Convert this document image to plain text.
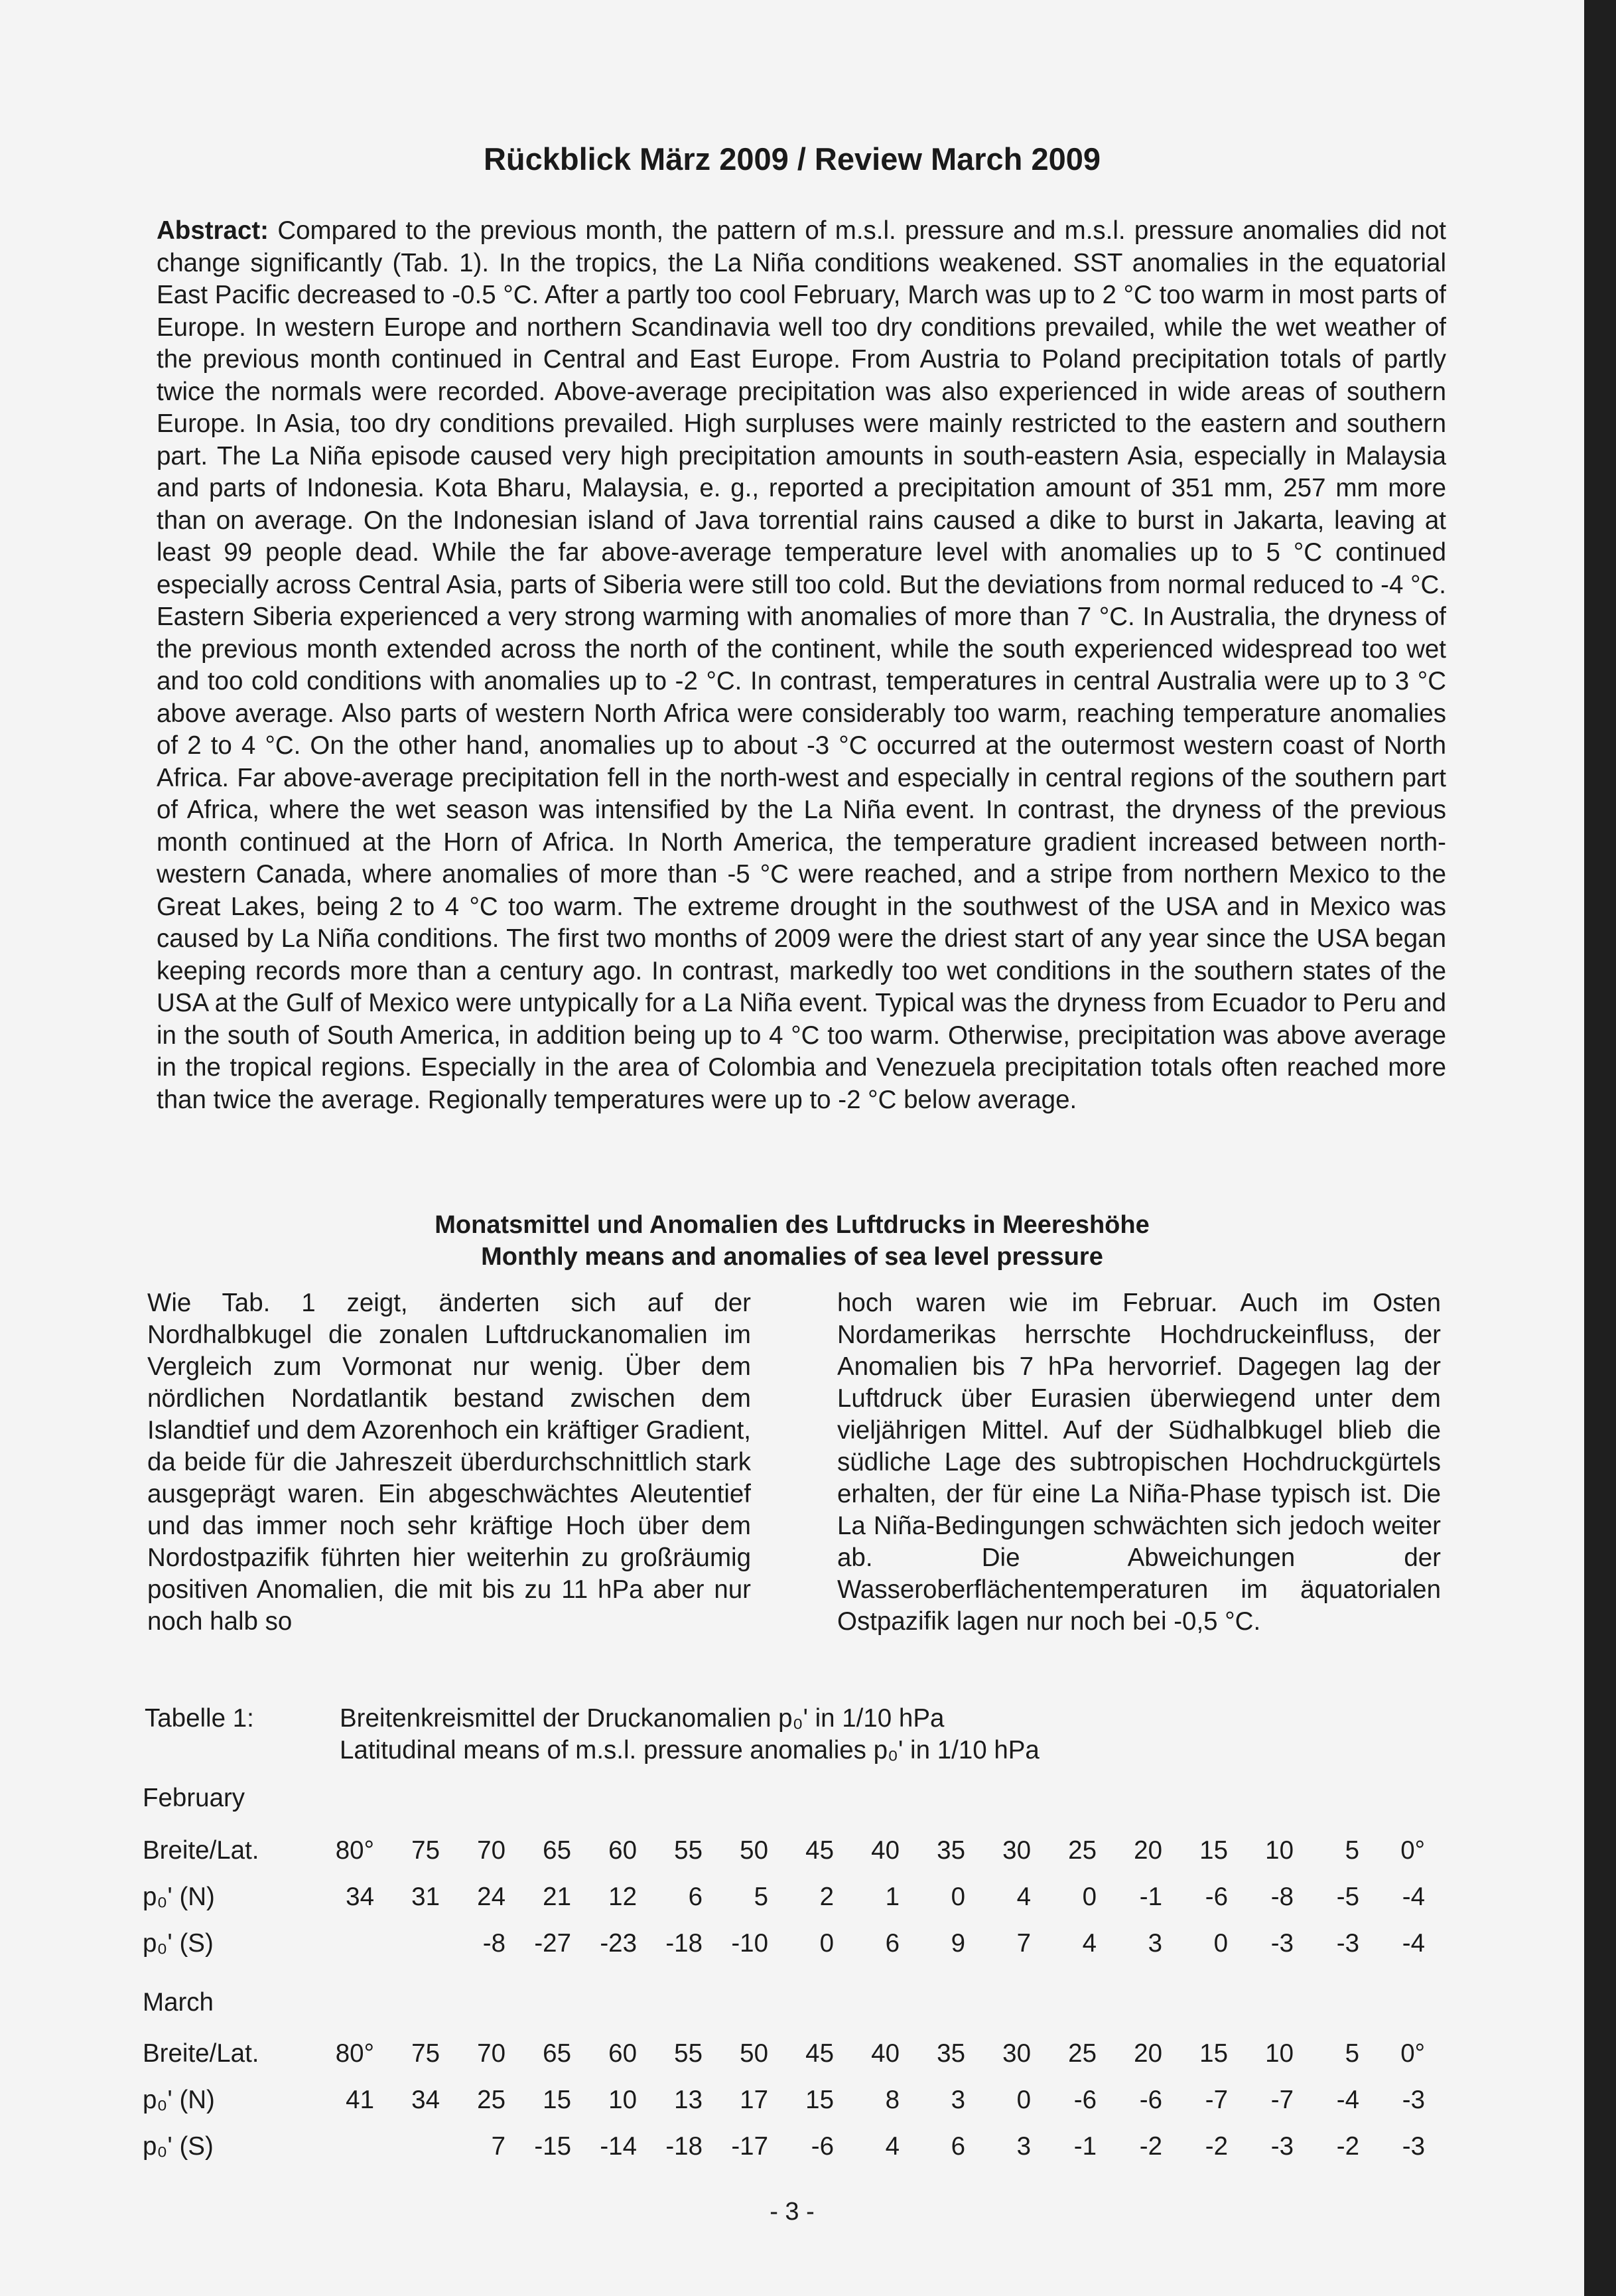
Rückblick März 2009 / Review March 2009
Abstract: Compared to the previous month, the pattern of m.s.l. pressure and m.s.l. pressure anomalies did not change significantly (Tab. 1). In the tropics, the La Niña conditions weakened. SST anomalies in the equatorial East Pacific decreased to -0.5 °C. After a partly too cool February, March was up to 2 °C too warm in most parts of Europe. In western Europe and northern Scandinavia well too dry conditions prevailed, while the wet weather of the previous month continued in Central and East Europe. From Austria to Poland precipitation totals of partly twice the normals were recorded. Above-average precipitation was also experienced in wide areas of southern Europe. In Asia, too dry conditions prevailed. High surpluses were mainly restricted to the eastern and southern part. The La Niña episode caused very high precipitation amounts in south-eastern Asia, especially in Malaysia and parts of Indonesia. Kota Bharu, Malaysia, e. g., reported a precipitation amount of 351 mm, 257 mm more than on average. On the Indonesian island of Java torrential rains caused a dike to burst in Jakarta, leaving at least 99 people dead. While the far above-average temperature level with anomalies up to 5 °C continued especially across Central Asia, parts of Siberia were still too cold. But the deviations from normal reduced to -4 °C. Eastern Siberia experienced a very strong warming with anomalies of more than 7 °C. In Australia, the dryness of the previous month extended across the north of the continent, while the south experienced widespread too wet and too cold conditions with anomalies up to -2 °C. In contrast, temperatures in central Australia were up to 3 °C above average. Also parts of western North Africa were considerably too warm, reaching temperature anomalies of 2 to 4 °C. On the other hand, anomalies up to about -3 °C occurred at the outermost western coast of North Africa. Far above-average precipitation fell in the north-west and especially in central regions of the southern part of Africa, where the wet season was intensified by the La Niña event. In contrast, the dryness of the previous month continued at the Horn of Africa. In North America, the temperature gradient increased between north-western Canada, where anomalies of more than -5 °C were reached, and a stripe from northern Mexico to the Great Lakes, being 2 to 4 °C too warm. The extreme drought in the southwest of the USA and in Mexico was caused by La Niña conditions. The first two months of 2009 were the driest start of any year since the USA began keeping records more than a century ago. In contrast, markedly too wet conditions in the southern states of the USA at the Gulf of Mexico were untypically for a La Niña event. Typical was the dryness from Ecuador to Peru and in the south of South America, in addition being up to 4 °C too warm. Otherwise, precipitation was above average in the tropical regions. Especially in the area of Colombia and Venezuela precipitation totals often reached more than twice the average. Regionally temperatures were up to -2 °C below average.
Monatsmittel und Anomalien des Luftdrucks in Meereshöhe
Monthly means and anomalies of sea level pressure
Wie Tab. 1 zeigt, änderten sich auf der Nordhalbkugel die zonalen Luftdruckanomalien im Vergleich zum Vormonat nur wenig. Über dem nördlichen Nordatlantik bestand zwischen dem Islandtief und dem Azorenhoch ein kräftiger Gradient, da beide für die Jahreszeit überdurchschnittlich stark ausgeprägt waren. Ein abgeschwächtes Aleutentief und das immer noch sehr kräftige Hoch über dem Nordostpazifik führten hier weiterhin zu großräumig positiven Anomalien, die mit bis zu 11 hPa aber nur noch halb so
hoch waren wie im Februar. Auch im Osten Nordamerikas herrschte Hochdruckeinfluss, der Anomalien bis 7 hPa hervorrief. Dagegen lag der Luftdruck über Eurasien überwiegend unter dem vieljährigen Mittel. Auf der Südhalbkugel blieb die südliche Lage des subtropischen Hochdruckgürtels erhalten, der für eine La Niña-Phase typisch ist. Die La Niña-Bedingungen schwächten sich jedoch weiter ab. Die Abweichungen der Wasseroberflächentemperaturen im äquatorialen Ostpazifik lagen nur noch bei -0,5 °C.
Tabelle 1:	Breitenkreismittel der Druckanomalien p₀' in 1/10 hPa
Latitudinal means of m.s.l. pressure anomalies p₀' in 1/10 hPa
February
Breite/Lat.	80°	75	70	65	60	55	50	45	40	35	30	25	20	15	10	5	0°
p₀' (N)	34	31	24	21	12	6	5	2	1	0	4	0	-1	-6	-8	-5	-4
p₀' (S)			-8	-27	-23	-18	-10	0	6	9	7	4	3	0	-3	-3	-4
March
Breite/Lat.	80°	75	70	65	60	55	50	45	40	35	30	25	20	15	10	5	0°
p₀' (N)	41	34	25	15	10	13	17	15	8	3	0	-6	-6	-7	-7	-4	-3
p₀' (S)			7	-15	-14	-18	-17	-6	4	6	3	-1	-2	-2	-3	-2	-3
- 3 -
